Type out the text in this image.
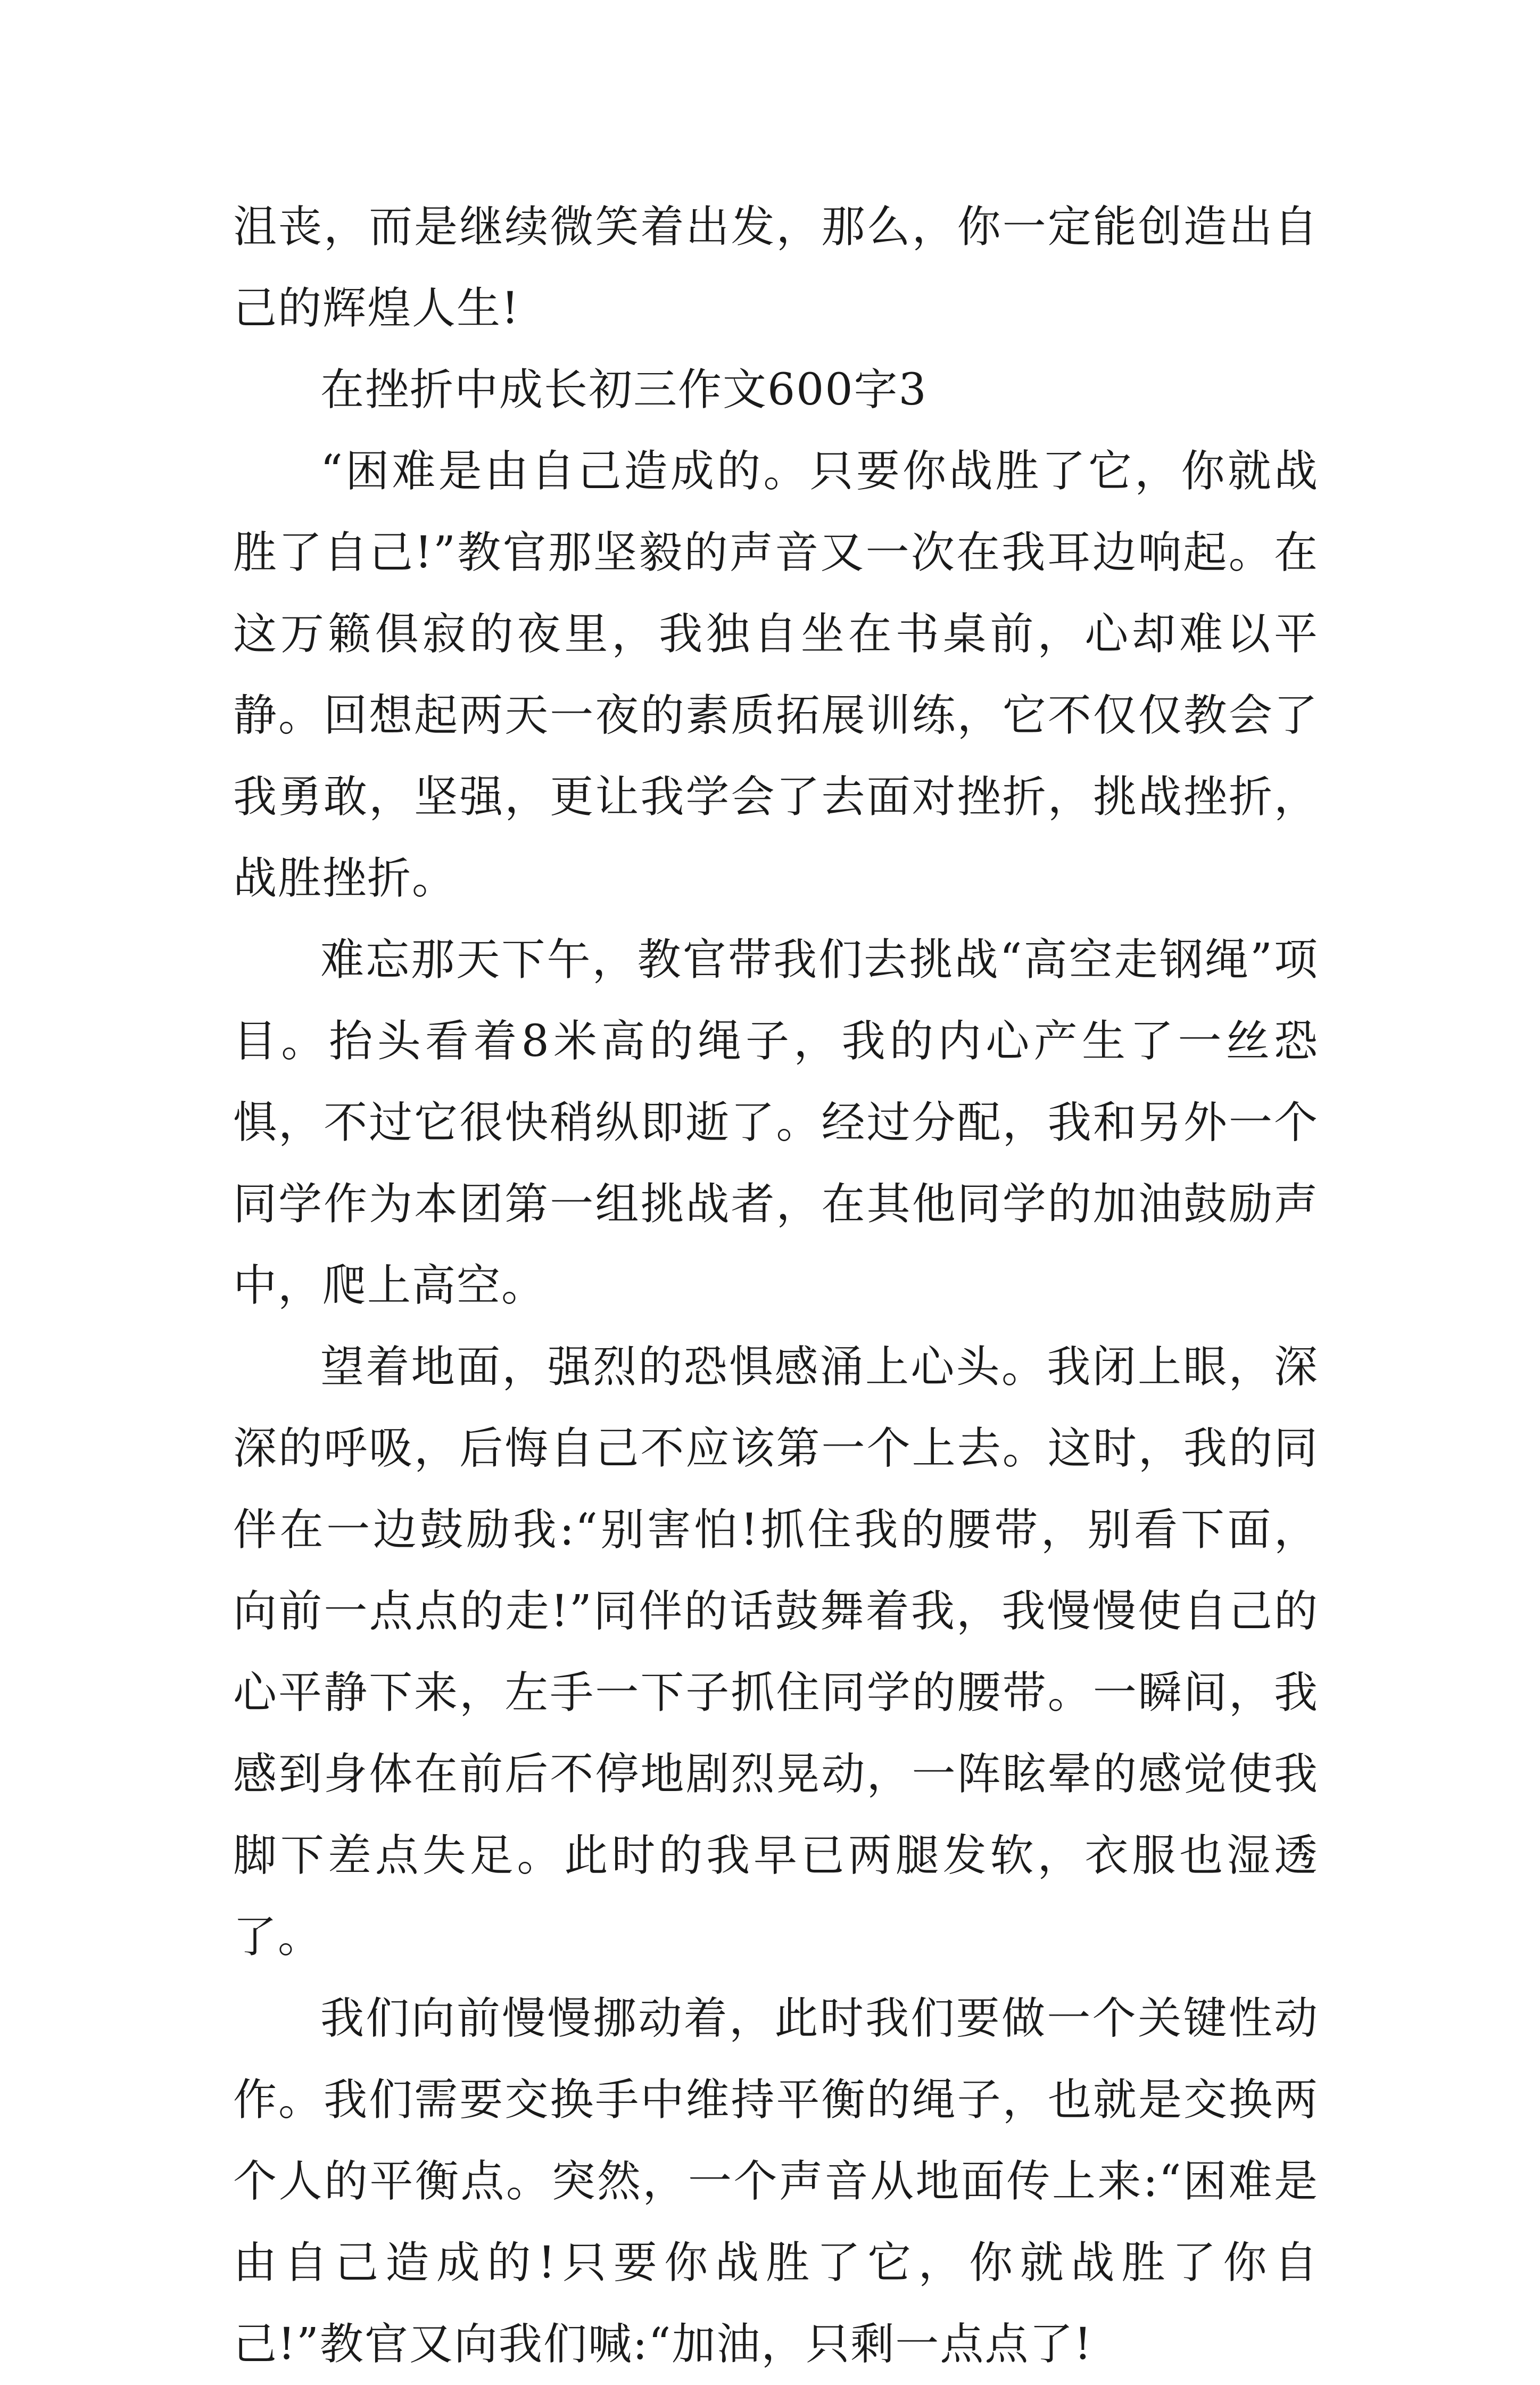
沮丧，而是继续微笑着出发，那么，你一定能创造出自己的辉煌人生!

在挫折中成长初三作文600字3

“困难是由自己造成的。只要你战胜了它，你就战胜了自己!”教官那坚毅的声音又一次在我耳边响起。在这万籁俱寂的夜里，我独自坐在书桌前，心却难以平静。回想起两天一夜的素质拓展训练，它不仅仅教会了我勇敢，坚强，更让我学会了去面对挫折，挑战挫折，战胜挫折。

难忘那天下午，教官带我们去挑战“高空走钢绳”项目。抬头看着8米高的绳子，我的内心产生了一丝恐惧，不过它很快稍纵即逝了。经过分配，我和另外一个同学作为本团第一组挑战者，在其他同学的加油鼓励声中，爬上高空。

望着地面，强烈的恐惧感涌上心头。我闭上眼，深深的呼吸，后悔自己不应该第一个上去。这时，我的同伴在一边鼓励我:“别害怕!抓住我的腰带，别看下面，向前一点点的走!”同伴的话鼓舞着我，我慢慢使自己的心平静下来，左手一下子抓住同学的腰带。一瞬间，我感到身体在前后不停地剧烈晃动，一阵眩晕的感觉使我脚下差点失足。此时的我早已两腿发软，衣服也湿透了。

我们向前慢慢挪动着，此时我们要做一个关键性动作。我们需要交换手中维持平衡的绳子，也就是交换两个人的平衡点。突然，一个声音从地面传上来:“困难是由自己造成的!只要你战胜了它，你就战胜了你自己!”教官又向我们喊:“加油，只剩一点点了!
